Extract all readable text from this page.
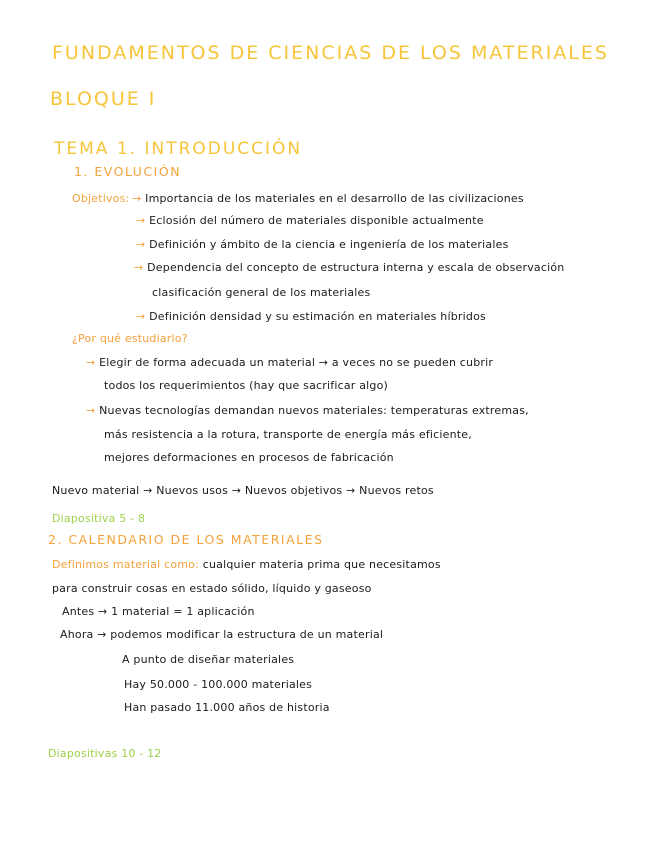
FUNDAMENTOS DE CIENCIAS DE LOS MATERIALES
BLOQUE I
TEMA 1. INTRODUCCIÓN
1. EVOLUCIÓN
Objetivos: → Importancia de los materiales en el desarrollo de las civilizaciones
→ Eclosión del número de materiales disponible actualmente
→ Definición y ámbito de la ciencia e ingeniería de los materiales
→ Dependencia del concepto de estructura interna y escala de observación
clasificación general de los materiales
→ Definición densidad y su estimación en materiales híbridos
¿Por qué estudiarlo?
→ Elegir de forma adecuada un material → a veces no se pueden cubrir
todos los requerimientos (hay que sacrificar algo)
→ Nuevas tecnologías demandan nuevos materiales: temperaturas extremas,
más resistencia a la rotura, transporte de energía más eficiente,
mejores deformaciones en procesos de fabricación
Nuevo material → Nuevos usos → Nuevos objetivos → Nuevos retos
Diapositiva 5 - 8
2. CALENDARIO DE LOS MATERIALES
Definimos material como: cualquier materia prima que necesitamos
para construir cosas en estado sólido, líquido y gaseoso
Antes → 1 material = 1 aplicación
Ahora → podemos modificar la estructura de un material
A punto de diseñar materiales
Hay 50.000 - 100.000 materiales
Han pasado 11.000 años de historia
Diapositivas 10 - 12
